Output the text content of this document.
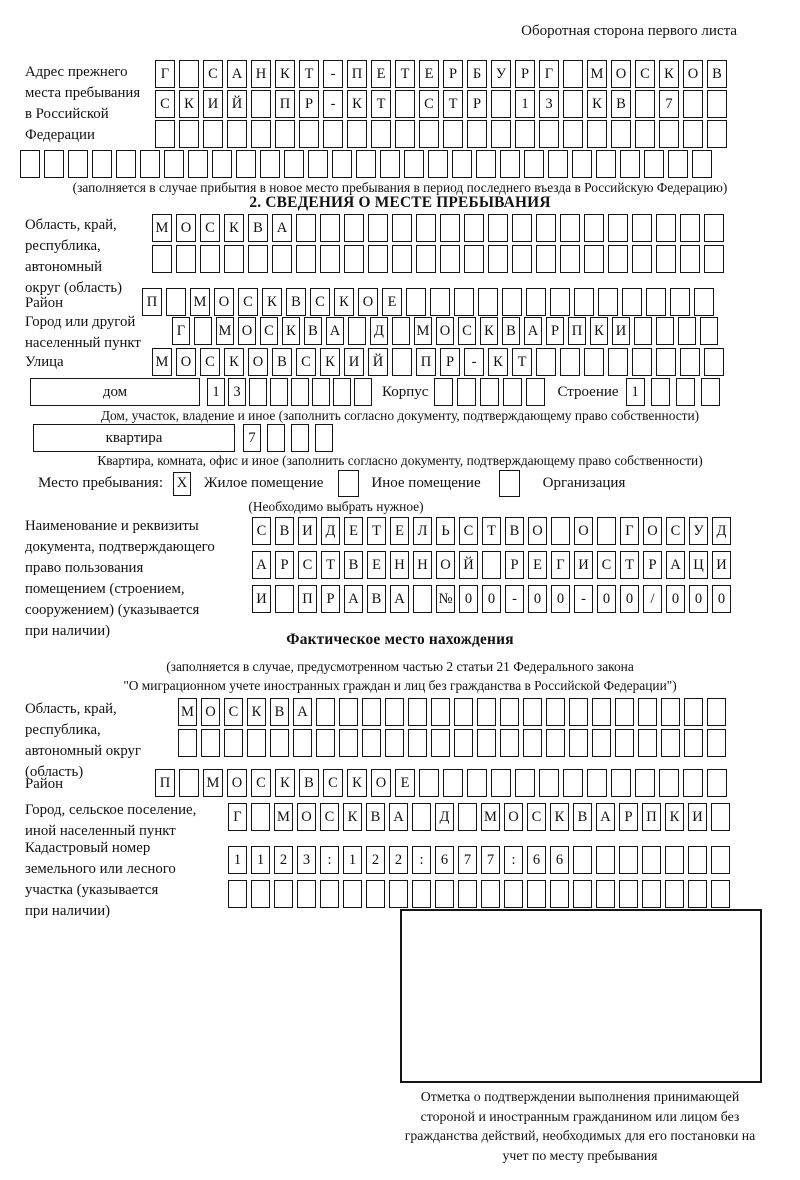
Оборотная сторона первого листа
Адрес прежнего
места пребывания
в Российской
Федерации
Г	С А Н К	Т	-	П Е	Т	Е	Р	Б	У	Р	Г	М О С К О В
С К И Й	П	Р	-	К	Т	С	Т	Р	1	3	К В	7
(заполняется в случае прибытия в новое место пребывания в период последнего въезда в Российскую Федерацию)
2. СВЕДЕНИЯ О МЕСТЕ ПРЕБЫВАНИЯ
Область, край,
республика,
автономный
округ (область)
М О С К В А
Район	П	М О С К В С К О Е
Город или другой
населенный пункт
Г	М О С К В А Д М О С К В А Р П К И
Улица	М О С К О В С К И Й	П	Р	-	К	Т
дом	1 3	Корпус	Строение 1
Дом, участок, владение и иное (заполнить согласно документу, подтверждающему право собственности)
квартира	7
Квартира, комната, офис и иное (заполнить согласно документу, подтверждающему право собственности)
Место пребывания: X Жилое помещение	Иное помещение	Организация
(Необходимо выбрать нужное)
Наименование и реквизиты
документа, подтверждающего
право пользования
помещением (строением,
сооружением) (указывается
при наличии)
С В И Д Е Т Е Л Ь С Т В О О	Г О С У Д
А Р С Т В Е Н Н О Й	Р	Е Г И С Т	Р А Ц И
И П Р А В А № 0	0	-	0	0	-	0	0	/	0	0	0
Фактическое место нахождения
(заполняется в случае, предусмотренном частью 2 статьи 21 Федерального закона
"О миграционном учете иностранных граждан и лиц без гражданства в Российской Федерации")
Область, край,
республика,
автономный округ
(область)
М О С К В А
Район	П	М О С К В С К О Е
Город, сельское поселение,
иной населенный пункт
Г	М О С К В А	Д	М О С К В А Р П К И
Кадастровый номер
земельного или лесного
участка (указывается
при наличии)
1	1	2	3	:	1	2	2	:	6	7	7	:	6	6
Отметка о подтверждении выполнения принимающей стороной и иностранным гражданином или лицом без гражданства действий, необходимых для его постановки на учет по месту пребывания
